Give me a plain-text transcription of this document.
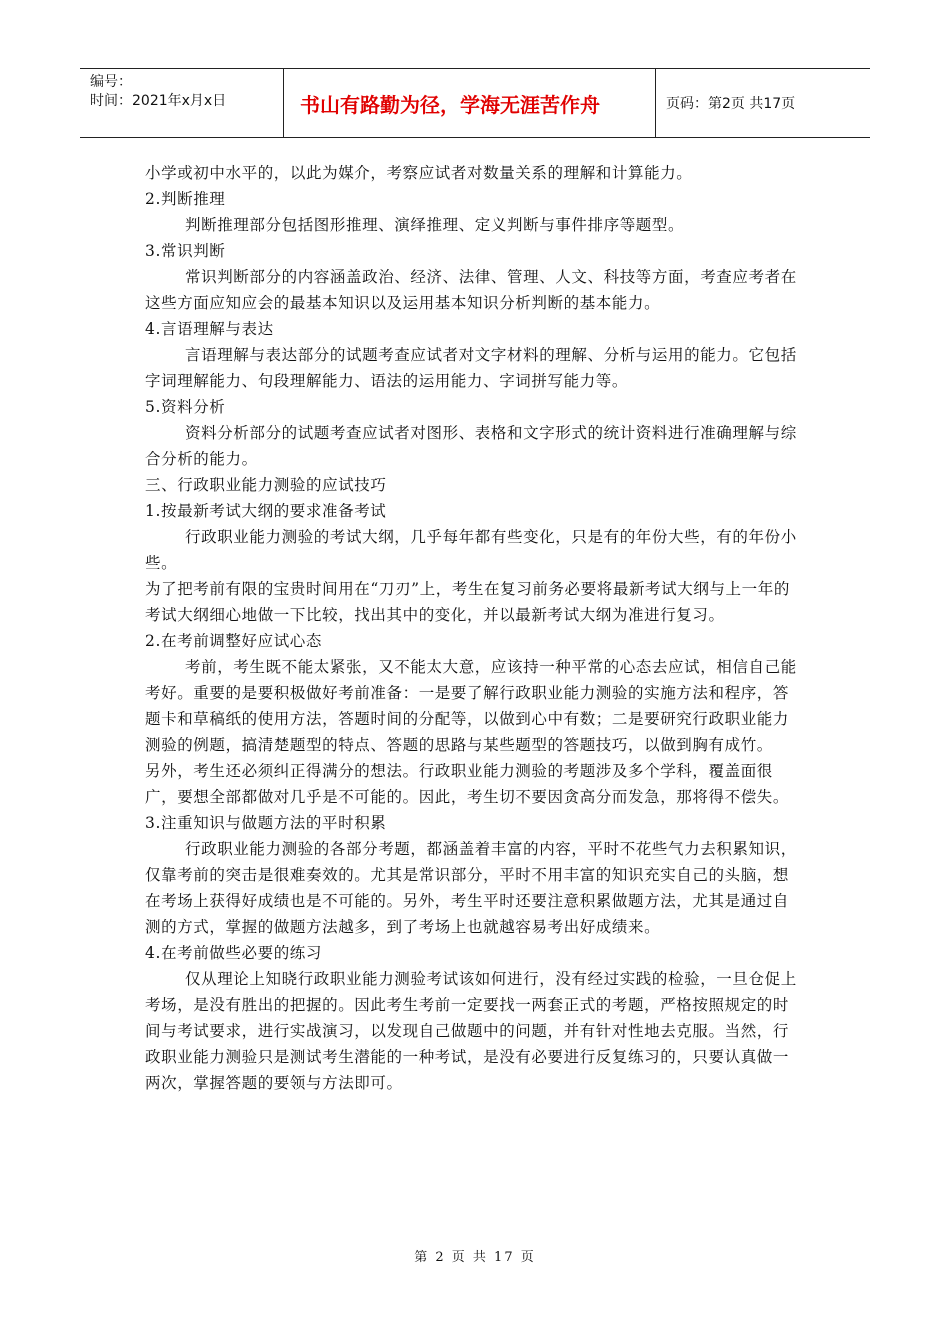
编号：
时间：2021年x月x日	书山有路勤为径，学海无涯苦作舟	页码：第2页 共17页

小学或初中水平的，以此为媒介，考察应试者对数量关系的理解和计算能力。

2.判断推理

判断推理部分包括图形推理、演绎推理、定义判断与事件排序等题型。

3.常识判断

常识判断部分的内容涵盖政治、经济、法律、管理、人文、科技等方面，考查应考者在这些方面应知应会的最基本知识以及运用基本知识分析判断的基本能力。

4.言语理解与表达

言语理解与表达部分的试题考查应试者对文字材料的理解、分析与运用的能力。它包括字词理解能力、句段理解能力、语法的运用能力、字词拼写能力等。

5.资料分析

资料分析部分的试题考查应试者对图形、表格和文字形式的统计资料进行准确理解与综合分析的能力。

三、行政职业能力测验的应试技巧

1.按最新考试大纲的要求准备考试

行政职业能力测验的考试大纲，几乎每年都有些变化，只是有的年份大些，有的年份小些。

为了把考前有限的宝贵时间用在“刀刃”上，考生在复习前务必要将最新考试大纲与上一年的考试大纲细心地做一下比较，找出其中的变化，并以最新考试大纲为准进行复习。

2.在考前调整好应试心态

考前，考生既不能太紧张，又不能太大意，应该持一种平常的心态去应试，相信自己能考好。重要的是要积极做好考前准备：一是要了解行政职业能力测验的实施方法和程序，答题卡和草稿纸的使用方法，答题时间的分配等，以做到心中有数；二是要研究行政职业能力测验的例题，搞清楚题型的特点、答题的思路与某些题型的答题技巧，以做到胸有成竹。

另外，考生还必须纠正得满分的想法。行政职业能力测验的考题涉及多个学科，覆盖面很广，要想全部都做对几乎是不可能的。因此，考生切不要因贪高分而发急，那将得不偿失。

3.注重知识与做题方法的平时积累

行政职业能力测验的各部分考题，都涵盖着丰富的内容，平时不花些气力去积累知识，仅靠考前的突击是很难奏效的。尤其是常识部分，平时不用丰富的知识充实自己的头脑，想在考场上获得好成绩也是不可能的。另外，考生平时还要注意积累做题方法，尤其是通过自测的方式，掌握的做题方法越多，到了考场上也就越容易考出好成绩来。

4.在考前做些必要的练习

仅从理论上知晓行政职业能力测验考试该如何进行，没有经过实践的检验，一旦仓促上考场，是没有胜出的把握的。因此考生考前一定要找一两套正式的考题，严格按照规定的时间与考试要求，进行实战演习，以发现自己做题中的问题，并有针对性地去克服。当然，行政职业能力测验只是测试考生潜能的一种考试，是没有必要进行反复练习的，只要认真做一两次，掌握答题的要领与方法即可。

第 2 页 共 17 页
